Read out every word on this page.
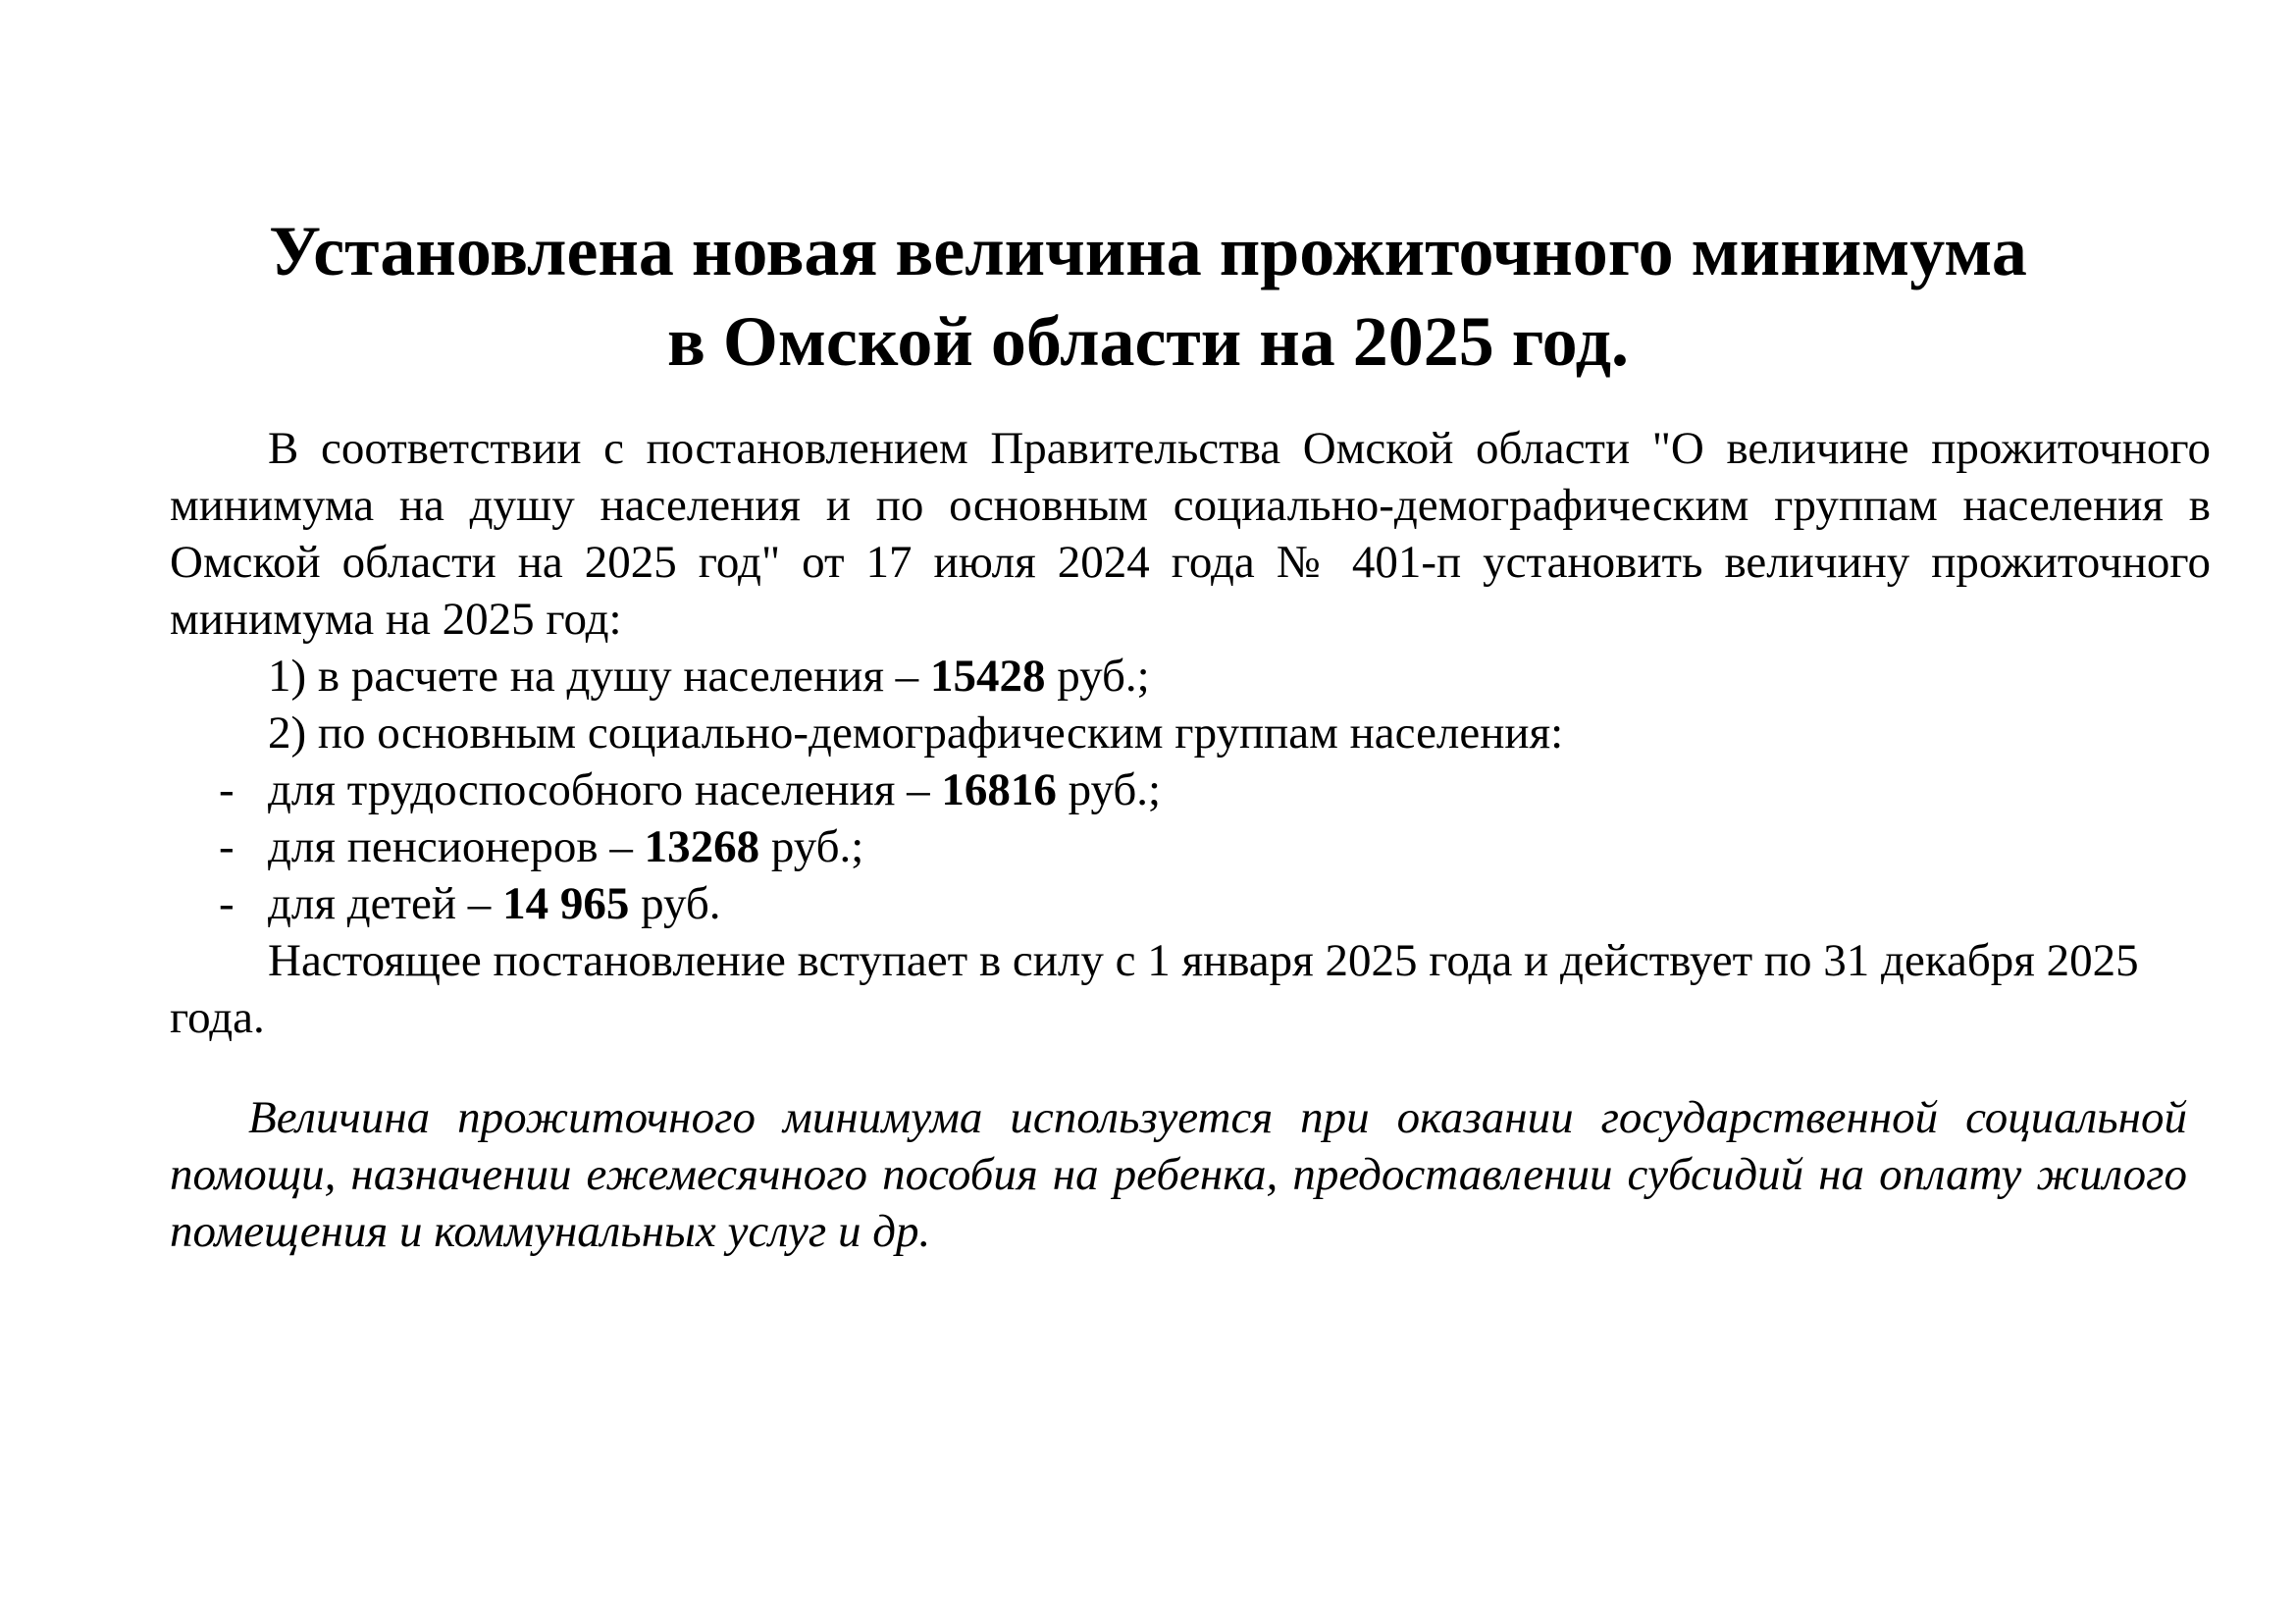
Установлена новая величина прожиточного минимума
в Омской области на 2025 год.

В соответствии с постановлением Правительства Омской области "О величине прожиточного минимума на душу населения и по основным социально-демографическим группам населения в Омской области на 2025 год" от 17 июля 2024 года № 401-п установить величину прожиточного минимума на 2025 год:

1) в расчете на душу населения – 15428 руб.;

2) по основным социально-демографическим группам населения:

- для трудоспособного населения – 16816 руб.;

- для пенсионеров – 13268 руб.;

- для детей – 14 965 руб.

Настоящее постановление вступает в силу с 1 января 2025 года и действует по 31 декабря 2025 года.

Величина прожиточного минимума используется при оказании государственной социальной помощи, назначении ежемесячного пособия на ребенка, предоставлении субсидий на оплату жилого помещения и коммунальных услуг и др.
